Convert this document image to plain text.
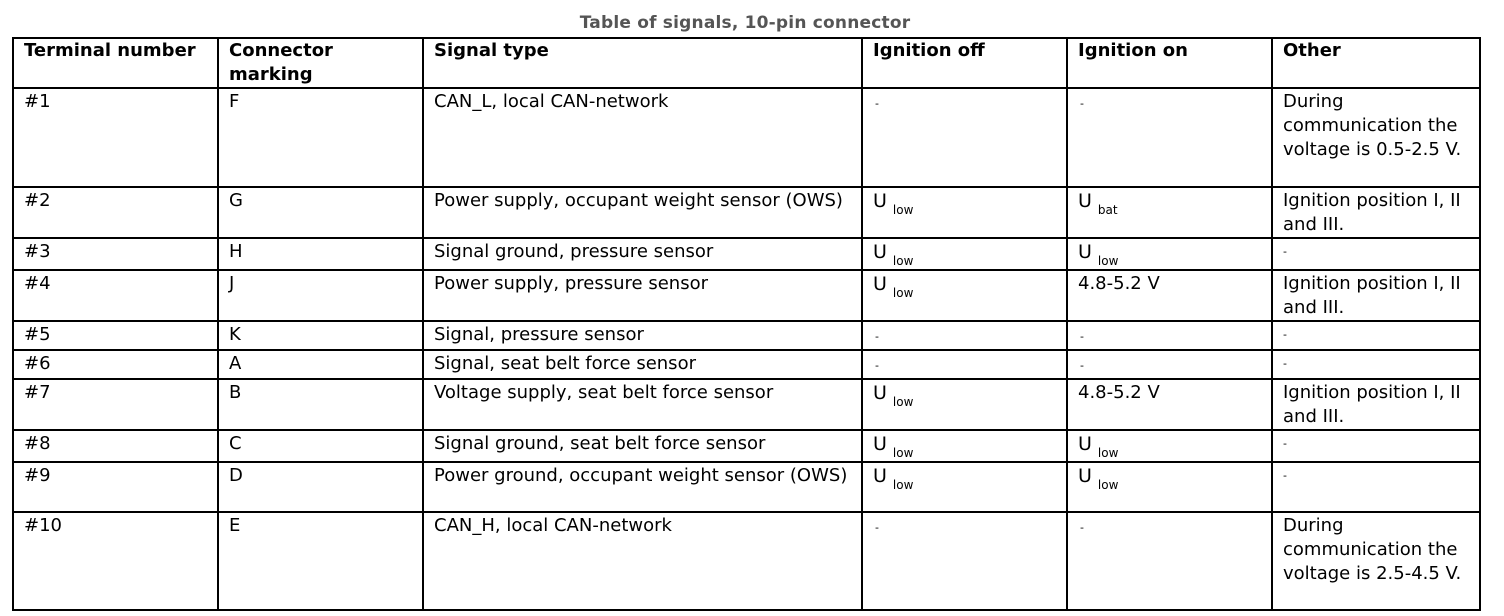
Table of signals, 10-pin connector
Terminal number	Connector marking	Signal type	Ignition off	Ignition on	Other
#1	F	CAN_L, local CAN-network	-	-	During communication the voltage is 0.5-2.5 V.
#2	G	Power supply, occupant weight sensor (OWS)	U $_{low}$	U $_{bat}$	Ignition position I, II and III.
#3	H	Signal ground, pressure sensor	U $_{low}$	U $_{low}$	-
#4	J	Power supply, pressure sensor	U $_{low}$	4.8-5.2 V	Ignition position I, II and III.
#5	K	Signal, pressure sensor	-	-	-
#6	A	Signal, seat belt force sensor	-	-	-
#7	B	Voltage supply, seat belt force sensor	U $_{low}$	4.8-5.2 V	Ignition position I, II and III.
#8	C	Signal ground, seat belt force sensor	U $_{low}$	U $_{low}$	-
#9	D	Power ground, occupant weight sensor (OWS)	U $_{low}$	U $_{low}$	-
#10	E	CAN_H, local CAN-network	-	-	During communication the voltage is 2.5-4.5 V.
